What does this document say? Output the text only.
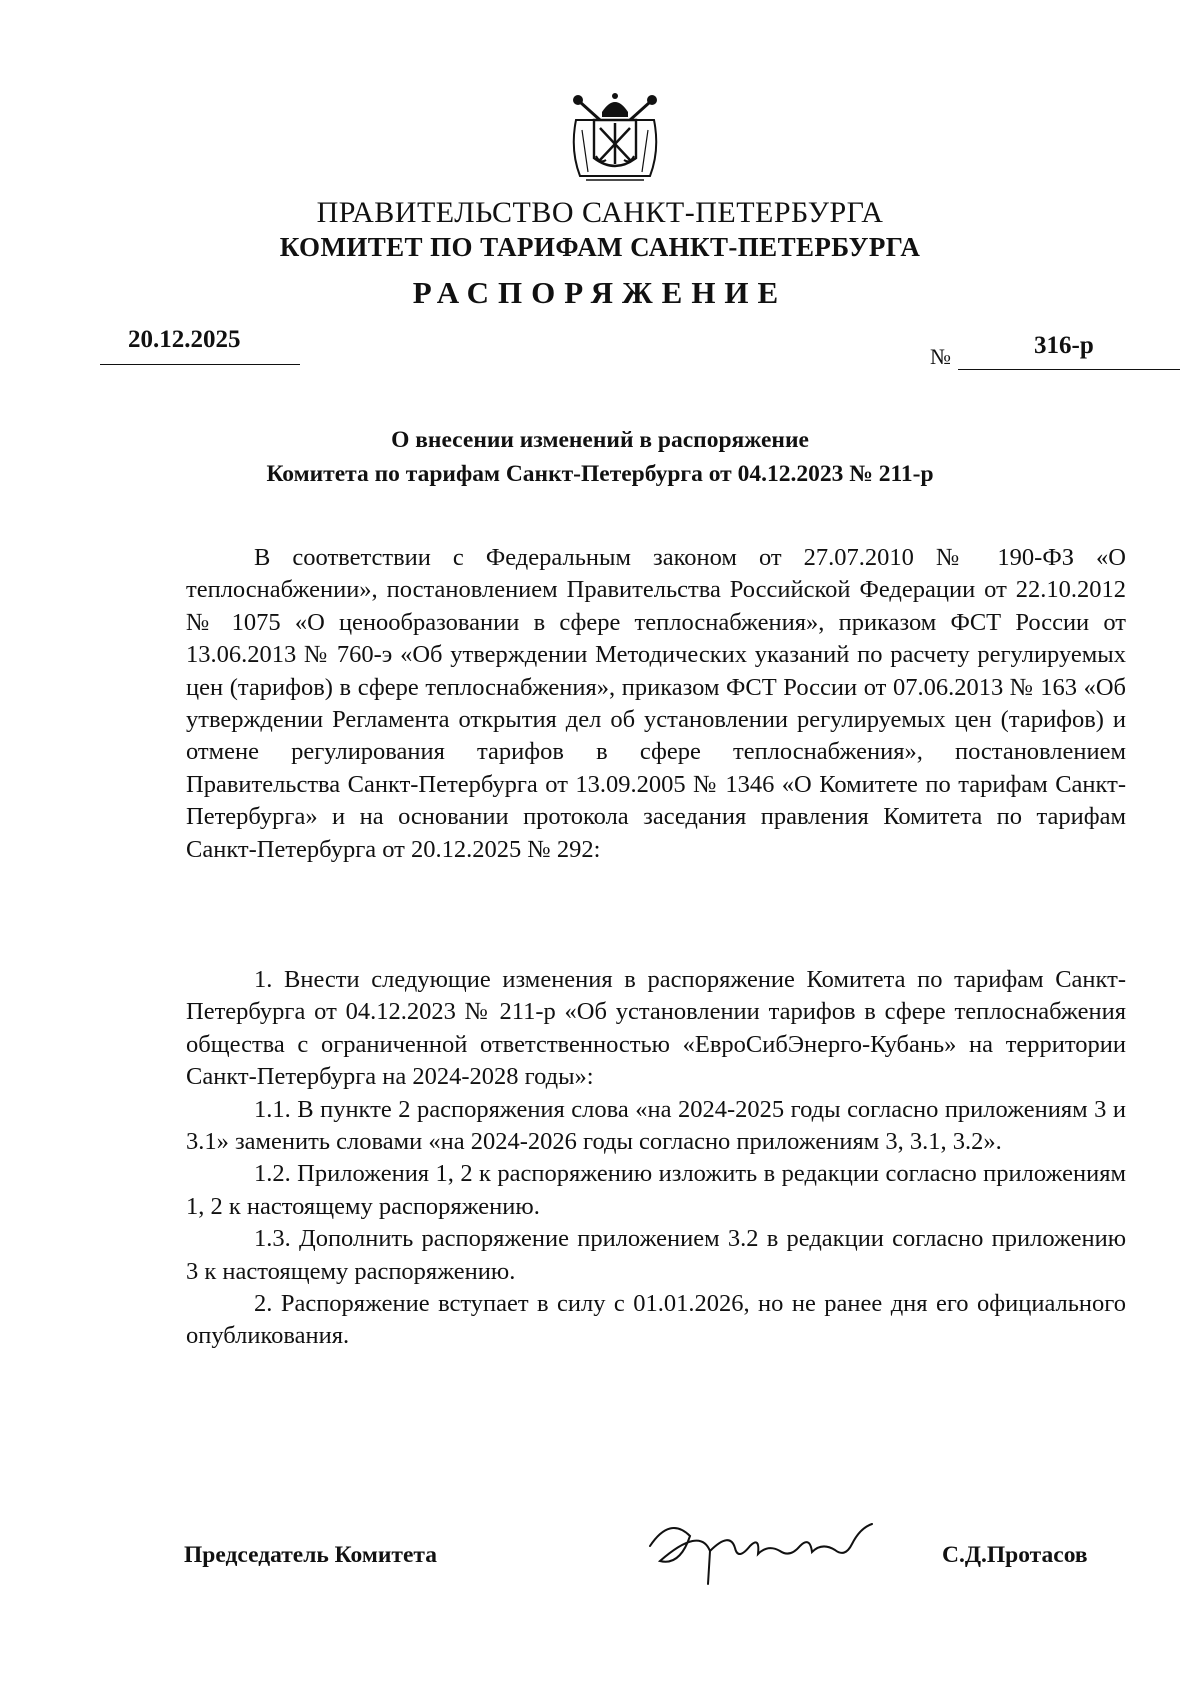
ПРАВИТЕЛЬСТВО САНКТ-ПЕТЕРБУРГА
КОМИТЕТ ПО ТАРИФАМ САНКТ-ПЕТЕРБУРГА
РАСПОРЯЖЕНИЕ
20.12.2025
№	316-р
О внесении изменений в распоряжение
Комитета по тарифам Санкт-Петербурга от 04.12.2023 № 211-р
В соответствии с Федеральным законом от 27.07.2010 № 190-ФЗ «О теплоснабжении», постановлением Правительства Российской Федерации от 22.10.2012 № 1075 «О ценообразовании в сфере теплоснабжения», приказом ФСТ России от 13.06.2013 № 760-э «Об утверждении Методических указаний по расчету регулируемых цен (тарифов) в сфере теплоснабжения», приказом ФСТ России от 07.06.2013 № 163 «Об утверждении Регламента открытия дел об установлении регулируемых цен (тарифов) и отмене регулирования тарифов в сфере теплоснабжения», постановлением Правительства Санкт-Петербурга от 13.09.2005 № 1346 «О Комитете по тарифам Санкт-Петербурга» и на основании протокола заседания правления Комитета по тарифам Санкт-Петербурга от 20.12.2025 № 292:

1. Внести следующие изменения в распоряжение Комитета по тарифам Санкт-Петербурга от 04.12.2023 № 211-р «Об установлении тарифов в сфере теплоснабжения общества с ограниченной ответственностью «ЕвроСибЭнерго-Кубань» на территории Санкт-Петербурга на 2024-2028 годы»:

1.1. В пункте 2 распоряжения слова «на 2024-2025 годы согласно приложениям 3 и 3.1» заменить словами «на 2024-2026 годы согласно приложениям 3, 3.1, 3.2».

1.2. Приложения 1, 2 к распоряжению изложить в редакции согласно приложениям 1, 2 к настоящему распоряжению.

1.3. Дополнить распоряжение приложением 3.2 в редакции согласно приложению 3 к настоящему распоряжению.

2. Распоряжение вступает в силу с 01.01.2026, но не ранее дня его официального опубликования.

Председатель Комитета	С.Д.Протасов
